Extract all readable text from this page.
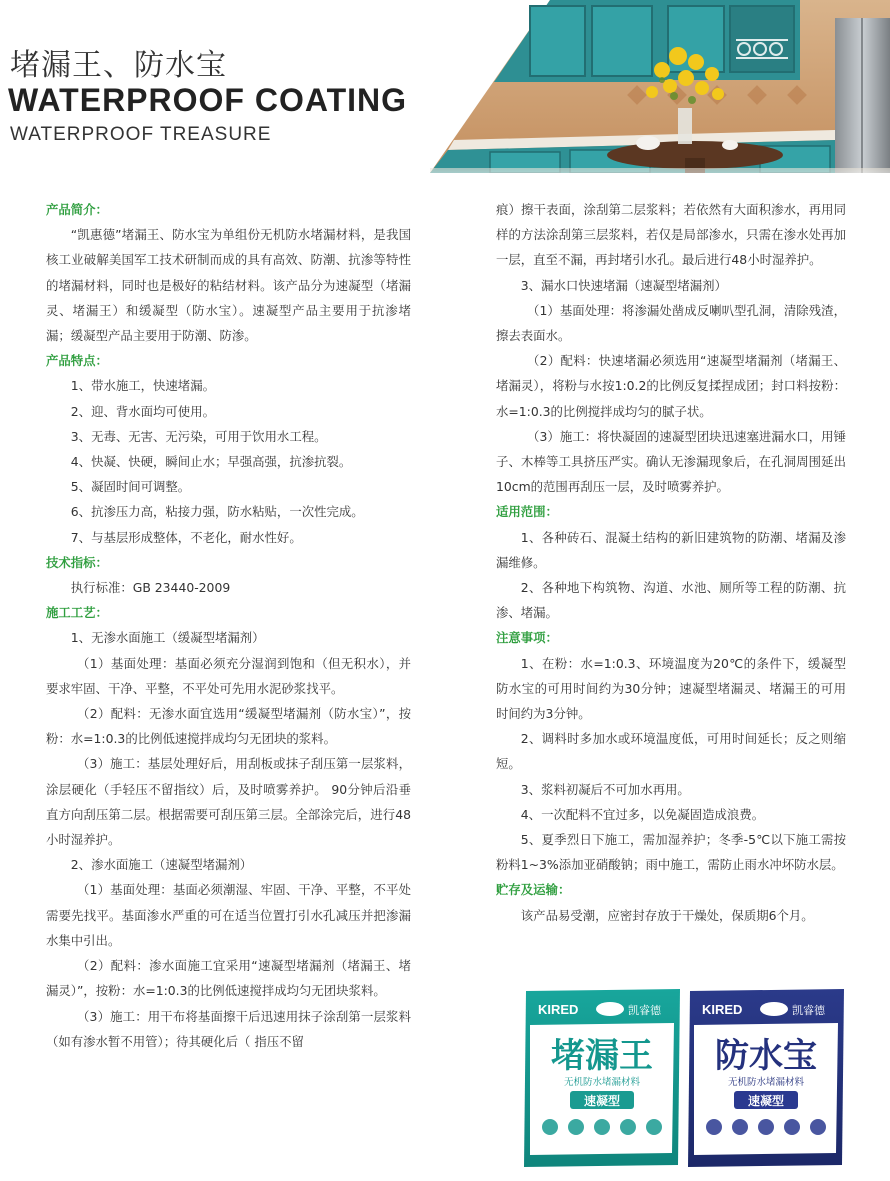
堵漏王、防水宝
WATERPROOF COATING
WATERPROOF TREASURE
产品简介：

“凯惠德”堵漏王、防水宝为单组份无机防水堵漏材料，是我国核工业破解美国军工技术研制而成的具有高效、防潮、抗渗等特性的堵漏材料，同时也是极好的粘结材料。该产品分为速凝型（堵漏灵、堵漏王）和缓凝型（防水宝）。速凝型产品主要用于抗渗堵漏；缓凝型产品主要用于防潮、防渗。

产品特点：

1、带水施工，快速堵漏。

2、迎、背水面均可使用。

3、无毒、无害、无污染，可用于饮用水工程。

4、快凝、快硬，瞬间止水；早强高强，抗渗抗裂。

5、凝固时间可调整。

6、抗渗压力高，粘接力强，防水粘贴，一次性完成。

7、与基层形成整体，不老化，耐水性好。

技术指标：

执行标准：GB 23440-2009

施工工艺：

1、无渗水面施工（缓凝型堵漏剂）

（1）基面处理：基面必须充分湿润到饱和（但无积水），并要求牢固、干净、平整，不平处可先用水泥砂浆找平。

（2）配料：无渗水面宜选用“缓凝型堵漏剂（防水宝）”，按粉：水=1:0.3的比例低速搅拌成均匀无团块的浆料。

（3）施工：基层处理好后，用刮板或抹子刮压第一层浆料，涂层硬化（手轻压不留指纹）后，及时喷雾养护。 90分钟后沿垂直方向刮压第二层。根据需要可刮压第三层。全部涂完后，进行48小时湿养护。

2、渗水面施工（速凝型堵漏剂）

（1）基面处理：基面必须潮湿、牢固、干净、平整，不平处需要先找平。基面渗水严重的可在适当位置打引水孔减压并把渗漏水集中引出。

（2）配料：渗水面施工宜采用“速凝型堵漏剂（堵漏王、堵漏灵）”，按粉：水=1:0.3的比例低速搅拌成均匀无团块浆料。

（3）施工：用干布将基面擦干后迅速用抹子涂刮第一层浆料（如有渗水暂不用管）；待其硬化后（ 指压不留

痕）擦干表面，涂刮第二层浆料；若依然有大面积渗水，再用同样的方法涂刮第三层浆料，若仅是局部渗水，只需在渗水处再加一层，直至不漏，再封堵引水孔。最后进行48小时湿养护。

3、漏水口快速堵漏（速凝型堵漏剂）

（1）基面处理：将渗漏处凿成反喇叭型孔洞，清除残渣，擦去表面水。

（2）配料：快速堵漏必须选用“速凝型堵漏剂（堵漏王、堵漏灵），将粉与水按1:0.2的比例反复揉捏成团；封口料按粉：水=1:0.3的比例搅拌成均匀的腻子状。

（3）施工：将快凝固的速凝型团块迅速塞进漏水口，用锤子、木棒等工具挤压严实。确认无渗漏现象后，在孔洞周围延出10cm的范围再刮压一层，及时喷雾养护。

适用范围：

1、各种砖石、混凝土结构的新旧建筑物的防潮、堵漏及渗漏维修。

2、各种地下构筑物、沟道、水池、厕所等工程的防潮、抗渗、堵漏。

注意事项：

1、在粉：水=1:0.3、环境温度为20℃的条件下，缓凝型防水宝的可用时间约为30分钟；速凝型堵漏灵、堵漏王的可用时间约为3分钟。

2、调料时多加水或环境温度低，可用时间延长；反之则缩短。

3、浆料初凝后不可加水再用。

4、一次配料不宜过多，以免凝固造成浪费。

5、夏季烈日下施工，需加湿养护；冬季-5℃以下施工需按粉料1~3%添加亚硝酸钠；雨中施工，需防止雨水冲坏防水层。

贮存及运输：

该产品易受潮，应密封存放于干燥处，保质期6个月。

KIRED	凯睿德
堵漏王
无机防水堵漏材料
速凝型
KIRED	凯睿德
防水宝
无机防水堵漏材料
速凝型
